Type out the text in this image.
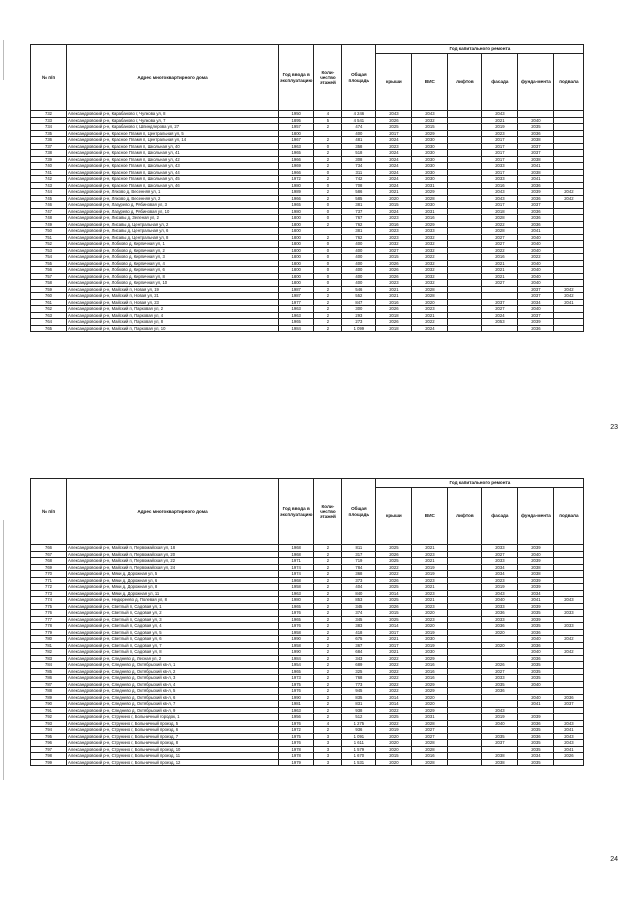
№ п/п	Адрес многоквартирного дома	Год ввода в эксплуатацию	Коли-чество этажей	Общая площадь	Год капитального ремонта					
					крыши	ВИС	лифтов	фасада	фунда-мента	подвала
732	Александровский р-н, Карабаново г, Чулкова ул, 8	1950	4	4 246	2043	2043		2043		
733	Александровский р-н, Карабаново г, Чулкова ул, 7	1895	5	4 541	2026	2032		2021	2040	
734	Александровский р-н, Карабаново г, Шпиндлерова ул, 27	1957	2	474	2025	2015		2019	2035	
735	Александровский р-н, Красное Пламя п, Центральная ул, 5	1800		400	2017	2029		2023	2036	
736	Александровский р-н, Красное Пламя п, Центральная ул, 14	1967	2	481	2024	2030		2017	2038	
737	Александровский р-н, Красное Пламя п, Школьная ул, 40	1963	0	358	2023	2030		2017	2037	
738	Александровский р-н, Красное Пламя п, Школьная ул, 41	1965	2	518	2024	2030		2017	2037	
739	Александровский р-н, Красное Пламя п, Школьная ул, 42	1966	2	308	2024	2030		2017	2038	
740	Александровский р-н, Красное Пламя п, Школьная ул, 43	1969	2	734	2024	2030		2033	2041	
741	Александровский р-н, Красное Пламя п, Школьная ул, 44	1966	0	311	2024	2030		2017	2038	
742	Александровский р-н, Красное Пламя п, Школьная ул, 45	1972	2	742	2024	2030		2033	2041	
743	Александровский р-н, Красное Пламя п, Школьная ул, 46	1980	0	708	2024	2031		2016	2036	
744	Александровский р-н, Ляхово д, Весенняя ул, 1	1989	2	586	2021	2029		2043	2039	2042
745	Александровский р-н, Ляхово д, Весенняя ул, 2	1966	2	585	2020	2028		2043	2036	2042
746	Александровский р-н, Лазурево д, Рябиновая ул, 3	1965	0	381	2015	2030		2017	2037	
747	Александровский р-н, Лазурево д, Рябиновая ул, 10	1980	0	737	2024	2031		2018	2036	
748	Александровский р-н, Лисавы д, Зеленая ул, 2	1800	0	767	2023	2016		2028	2036	
749	Александровский р-н, Лисавы д, Центральная ул, 2	1800	2	762	2016	2029		2022	2036	
750	Александровский р-н, Лисавы д, Центральная ул, 6	1800		381	2023	2033		2028	2041	
751	Александровский р-н, Лисавы д, Центральная ул, 8	1800	2	762	2023	2032		2027	2040	
752	Александровский р-н, Лобково д, Кирпичная ул, 1	1800	0	400	2032	2032		2027	2040	
753	Александровский р-н, Лобково д, Кирпичная ул, 2	1800	0	400	2027	2032		2022	2040	
754	Александровский р-н, Лобково д, Кирпичная ул, 3	1800	0	400	2015	2022		2016	2022	
755	Александровский р-н, Лобково д, Кирпичная ул, 4	1800	0	400	2026	2032		2021	2040	
756	Александровский р-н, Лобково д, Кирпичная ул, 6	1800	0	400	2026	2032		2021	2040	
757	Александровский р-н, Лобково д, Кирпичная ул, 8	1800	0	400	2026	2032		2021	2040	
758	Александровский р-н, Лобково д, Кирпичная ул, 10	1800	0	400	2023	2032		2027	2040	
759	Александровский р-н, Майский п, Новая ул, 19	1987	2	546	2021	2028			2037	2042
760	Александровский р-н, Майский п, Новая ул, 21	1987	2	552	2021	2028			2037	2042
761	Александровский р-н, Майский п, Новая ул, 23	1977	2	847	2016	2020		2037	2034	2041
762	Александровский р-н, Майский п, Парковая ул, 2	1963	2	300	2026	2023		2027	2040	
763	Александровский р-н, Майский п, Парковая ул, 4	1963	2	293	2018	2021		2024	2037	
764	Александровский р-н, Майский п, Парковая ул, 8	1965	2	273	2026	2022		2053	2039	
765	Александровский р-н, Майский п, Парковая ул, 10	1984	2	1 099	2018	2024			2036	
23
№ п/п	Адрес многоквартирного дома	Год ввода в эксплуатацию	Коли-чество этажей	Общая площадь	Год капитального ремонта					
					крыши	ВИС	лифтов	фасада	фунда-мента	подвала
766	Александровский р-н, Майский п, Первомайская ул, 18	1968	2	811	2025	2021		2033	2039	
767	Александровский р-н, Майский п, Первомайская ул, 20	1968	2	317	2026	2023		2027	2040	
768	Александровский р-н, Майский п, Первомайская ул, 22	1971	2	719	2025	2021		2033	2039	
769	Александровский р-н, Майский п, Первомайская ул, 24	1974	2	784	2022	2019		2034	2038	
770	Александровский р-н, Мяки д, Дорожная ул, 5	1974	2	368	2022	2019		2034	2038	
771	Александровский р-н, Мяки д, Дорожная ул, 6	1968	2	373	2026	2023		2023	2039	
772	Александровский р-н, Мяки д, Дорожная ул, 8	1958	2	404	2025	2021		2019	2039	
773	Александровский р-н, Мяки д, Дорожная ул, 11	1963	2	840	2014	2023		2043	2034	
774	Александровский р-н, Недюреево д, Полевая ул, 8	1980	2	853	2025	2021		2040	2041	2043
775	Александровский р-н, Светлый п, Садовая ул, 1	1965	2	345	2026	2023		2033	2039	
776	Александровский р-н, Светлый п, Садовая ул, 2	1976	2	374	2015	2020		2036	2035	2033
777	Александровский р-н, Светлый п, Садовая ул, 3	1965	2	345	2025	2023		2033	2039	
778	Александровский р-н, Светлый п, Садовая ул, 4	1976	2	383	2014	2020		2036	2035	2033
779	Александровский р-н, Светлый п, Садовая ул, 5	1958	2	418	2017	2019		2020	2036	
780	Александровский р-н, Светлый п, Садовая ул, 6	1990	2	675	2021	2030			2040	2042
781	Александровский р-н, Светлый п, Садовая ул, 7	1958	2	367	2017	2019		2020	2036	
782	Александровский р-н, Светлый п, Садовая ул, 8	1990	2	684	2021	2030			2040	2042
783	Александровский р-н, Следнево д, Лесная ул, 2	1984	2	343	2022	2029			2036	
784	Александровский р-н, Следнево д, Октябрьский кв-л, 1	1954	2	689	2022	2016		2026	2035	
785	Александровский р-н, Следнево д, Октябрьский кв-л, 2	1965	2	325	2022	2016		2027	2035	
786	Александровский р-н, Следнево д, Октябрьский кв-л, 3	1973	2	768	2022	2016		2033	2035	
787	Александровский р-н, Следнево д, Октябрьский кв-л, 4	1975	2	773	2022	2029		2035	2040	
788	Александровский р-н, Следнево д, Октябрьский кв-л, 5	1976	2	945	2022	2029		2036		
789	Александровский р-н, Следнево д, Октябрьский кв-л, 6	1990	2	835	2014	2020			2040	2036
790	Александровский р-н, Следнево д, Октябрьский кв-л, 7	1981	2	831	2014	2020			2041	2037
791	Александровский р-н, Следнево д, Октябрьский кв-л, 9	1963	2	938	2022	2029		2043		
792	Александровский р-н, Струнино г, Больничный городок, 1	1956	2	512	2025	2031		2019	2039	
793	Александровский р-н, Струнино г, Больничный проезд, 5	1976	4	1 275	2022	2028		2040	2036	2043
794	Александровский р-н, Струнино г, Больничный проезд, 6	1972	2	936	2019	2027			2035	2041
795	Александровский р-н, Струнино г, Больничный проезд, 7	1975	3	1 091	2020	2027		2035	2036	2043
796	Александровский р-н, Струнино г, Больничный проезд, 8	1976	3	1 611	2020	2028		2037	2035	2043
797	Александровский р-н, Струнино г, Больничный проезд, 10	1978	3	1 579	2020	2028			2035	2041
798	Александровский р-н, Струнино г, Больничный проезд, 11	1978	3	1 670	2015	2016		2038	2034	2026
799	Александровский р-н, Струнино г, Больничный проезд, 12	1979	3	1 531	2020	2028		2038	2035	
24
